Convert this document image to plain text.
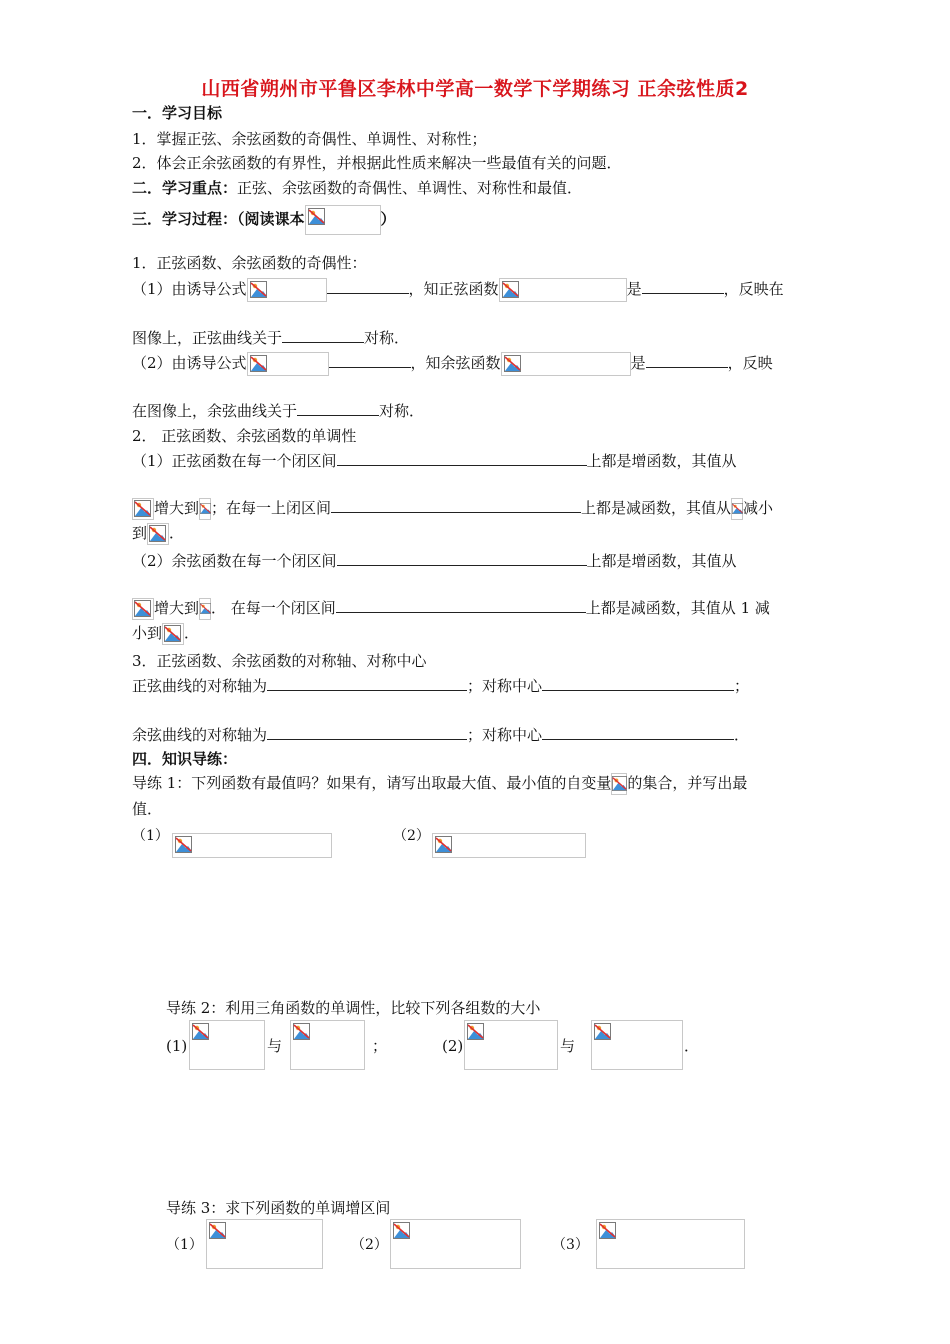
山西省朔州市平鲁区李林中学高一数学下学期练习 正余弦性质2
一．学习目标
1．掌握正弦、余弦函数的奇偶性、单调性、对称性；
2．体会正余弦函数的有界性，并根据此性质来解决一些最值有关的问题．
二．学习重点：正弦、余弦函数的奇偶性、单调性、对称性和最值．
三．学习过程：（阅读课本	）
1．正弦函数、余弦函数的奇偶性：
（1）由诱导公式	，知正弦函数	是	，反映在
图像上，正弦曲线关于	对称．
（2）由诱导公式	，知余弦函数	是	，反映
在图像上，余弦曲线关于	对称．
2． 正弦函数、余弦函数的单调性
（1）正弦函数在每一个闭区间	上都是增函数，其值从
增大到 ；在每一上闭区间	上都是减函数，其值从 减小
到 ．
（2）余弦函数在每一个闭区间	上都是增函数，其值从
增大到 ． 在每一个闭区间	上都是减函数，其值从 1 减
小到 ．
3．正弦函数、余弦函数的对称轴、对称中心
正弦曲线的对称轴为	；对称中心	；
余弦曲线的对称轴为	；对称中心	．
四．知识导练：
导练 1：下列函数有最值吗？如果有，请写出取最大值、最小值的自变量 的集合，并写出最
值．
（1）	（2）
导练 2：利用三角函数的单调性，比较下列各组数的大小
(1)	与	；	(2)	与	．
导练 3：求下列函数的单调增区间
（1）	（2）	（3）
